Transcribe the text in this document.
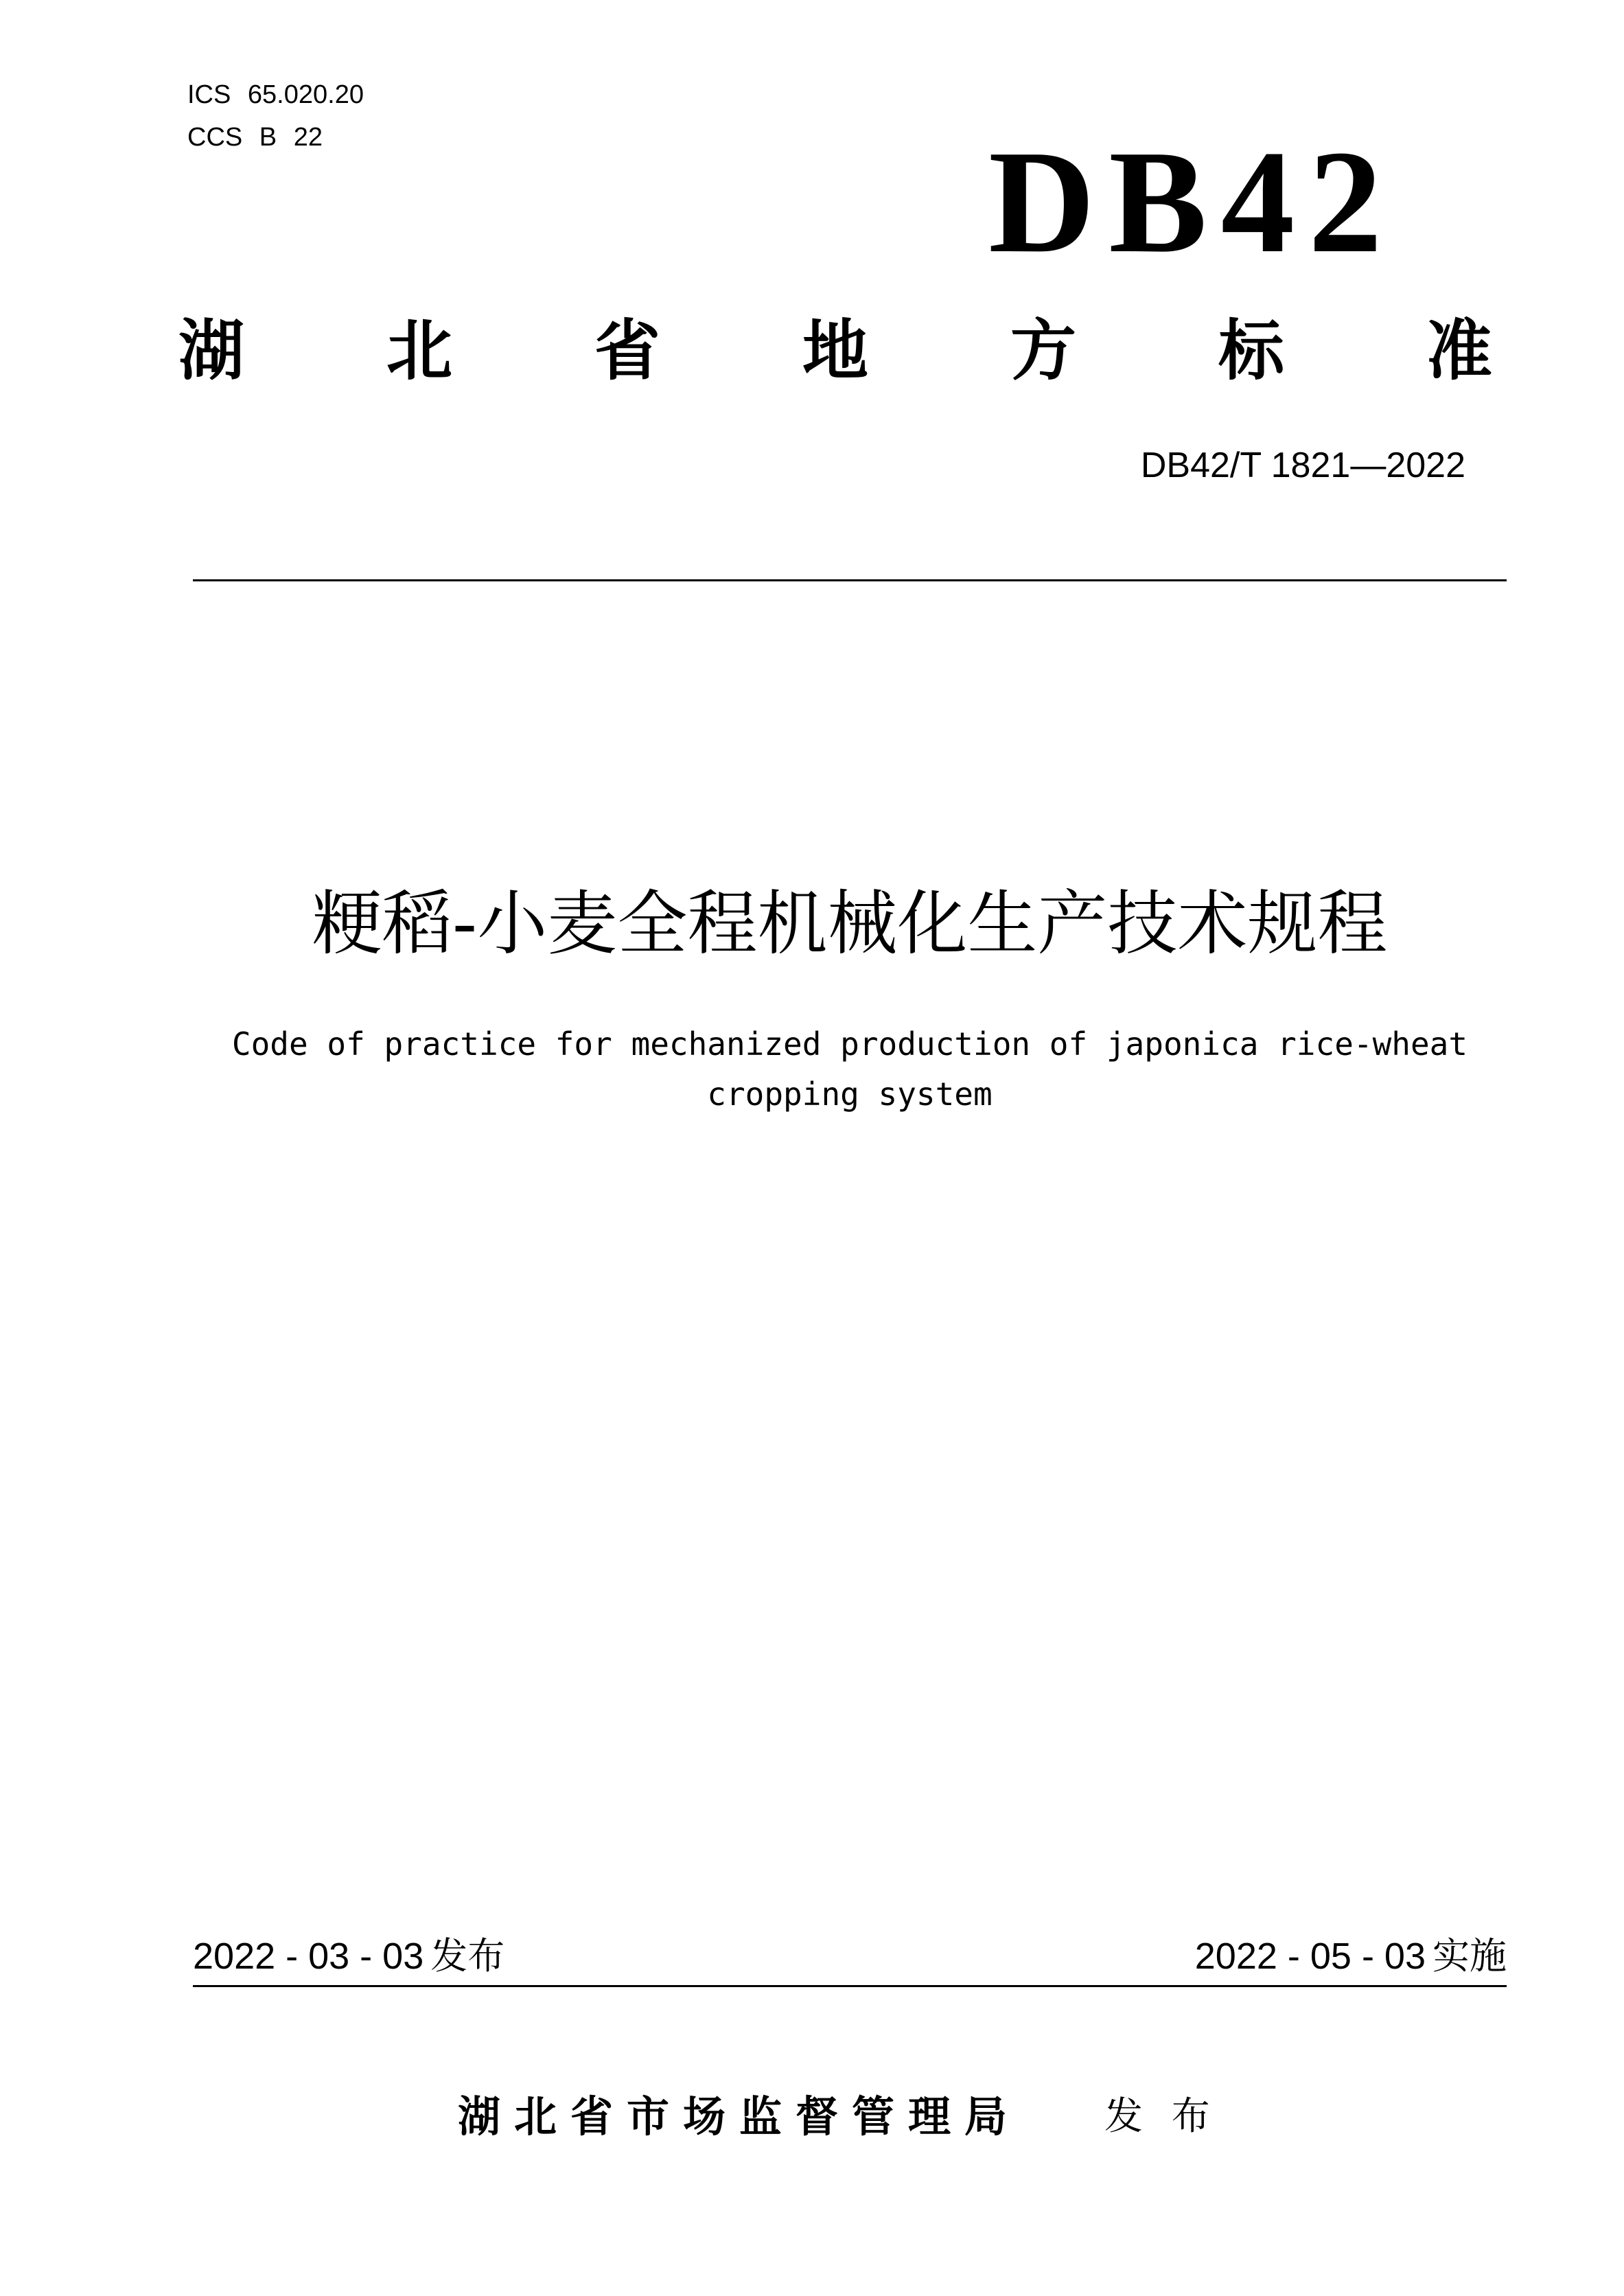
ICS 65.020.20
CCS B 22	DB42
湖 北 省 地 方 标 准
DB42/T 1821—2022
粳稻-小麦全程机械化生产技术规程
Code of practice for mechanized production of japonica rice-wheat
cropping system
2022 - 03 - 03 发布	2022 - 05 - 03 实施
湖北省市场监督管理局 发 布
